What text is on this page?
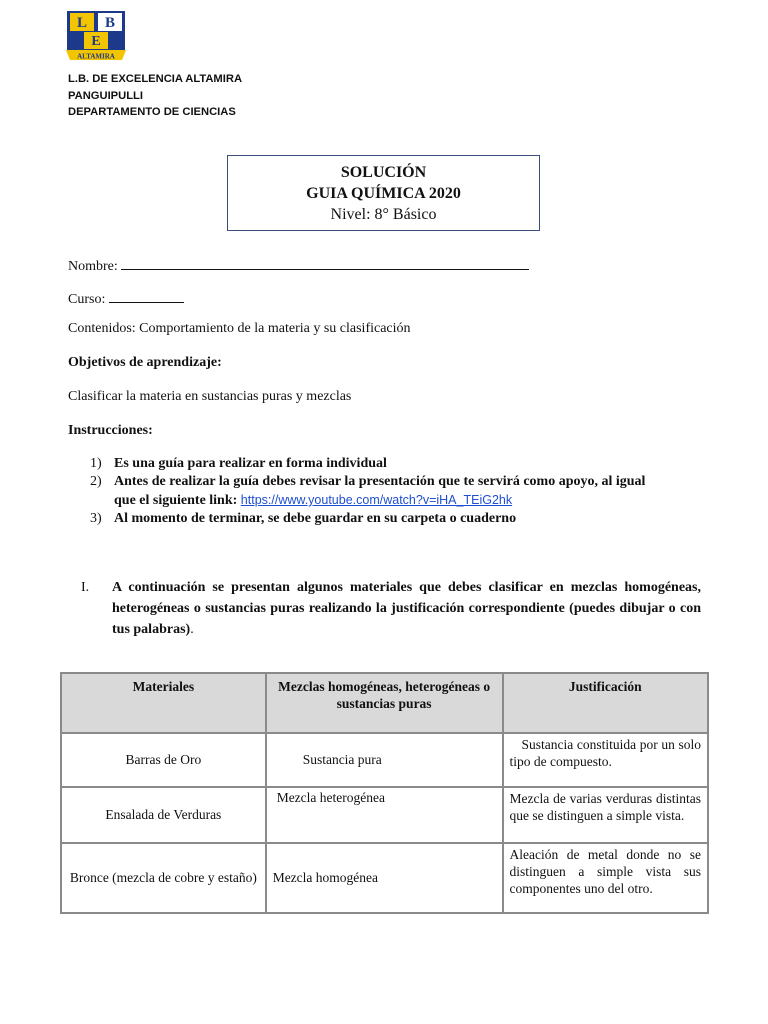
L B
E
ALTAMIRA
L.B. DE EXCELENCIA ALTAMIRA
PANGUIPULLI
DEPARTAMENTO DE CIENCIAS
SOLUCIÓN
GUIA QUÍMICA 2020
Nivel: 8° Básico
Nombre:
Curso:
Contenidos: Comportamiento de la materia y su clasificación
Objetivos de aprendizaje:
Clasificar la materia en sustancias puras y mezclas
Instrucciones:
1) Es una guía para realizar en forma individual
2) Antes de realizar la guía debes revisar la presentación que te servirá como apoyo, al igual
que el siguiente link: https://www.youtube.com/watch?v=iHA_TEiG2hk
3) Al momento de terminar, se debe guardar en su carpeta o cuaderno
I. A continuación se presentan algunos materiales que debes clasificar en mezclas homogéneas, heterogéneas o sustancias puras realizando la justificación correspondiente (puedes dibujar o con tus palabras).
Materiales	Mezclas homogéneas, heterogéneas o sustancias puras	Justificación
Barras de Oro	Sustancia pura	Sustancia constituida por un solo tipo de compuesto.
Ensalada de Verduras	Mezcla heterogénea	Mezcla de varias verduras distintas que se distinguen a simple vista.
Bronce (mezcla de cobre y estaño)	Mezcla homogénea	Aleación de metal donde no se distinguen a simple vista sus componentes uno del otro.
